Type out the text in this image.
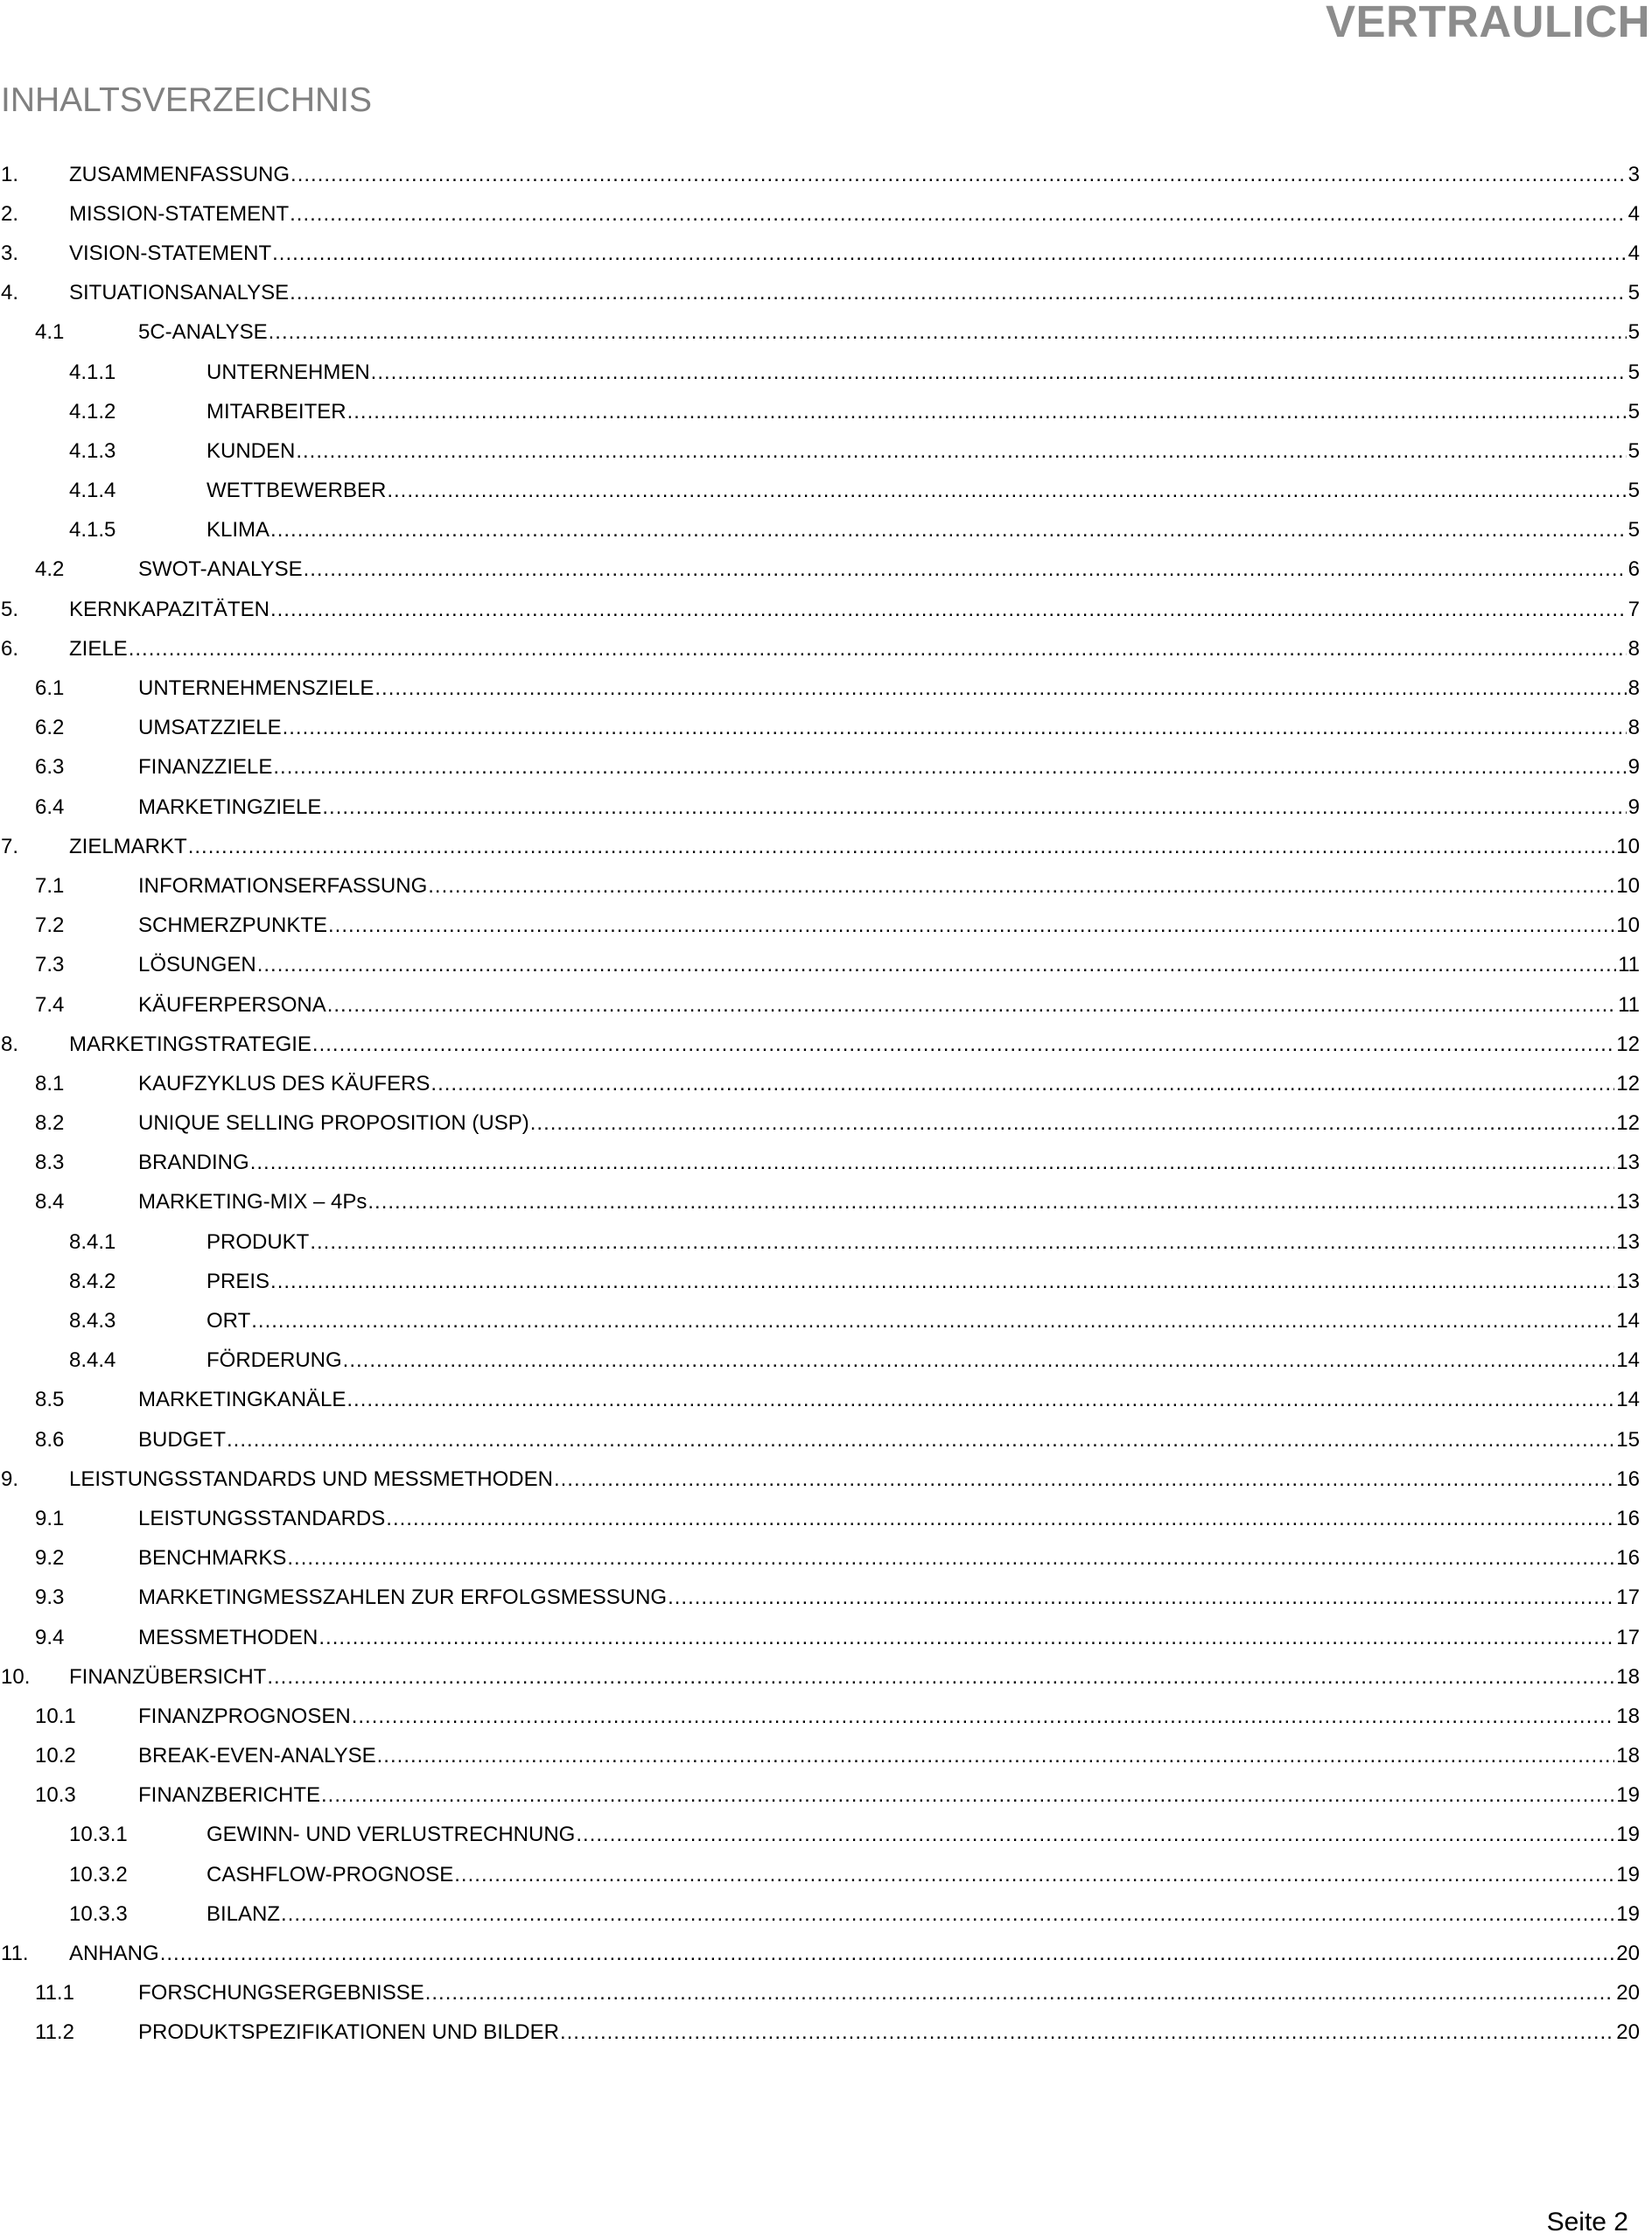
VERTRAULICH
INHALTSVERZEICHNIS
1. ZUSAMMENFASSUNG .....	3
2. MISSION-STATEMENT .....	4
3. VISION-STATEMENT .....	4
4. SITUATIONSANALYSE .....	5
4.1	5C-ANALYSE .....	5
4.1.1	UNTERNEHMEN .....	5
4.1.2	MITARBEITER .....	5
4.1.3	KUNDEN .....	5
4.1.4	WETTBEWERBER .....	5
4.1.5	KLIMA .....	5
4.2	SWOT-ANALYSE .....	6
5. KERNKAPAZITÄTEN .....	7
6. ZIELE .....	8
6.1	UNTERNEHMENSZIELE .....	8
6.2	UMSATZZIELE .....	8
6.3	FINANZZIELE .....	9
6.4	MARKETINGZIELE .....	9
7. ZIELMARKT .....	10
7.1	INFORMATIONSERFASSUNG .....	10
7.2	SCHMERZPUNKTE .....	10
7.3	LÖSUNGEN .....	11
7.4	KÄUFERPERSONA .....	11
8. MARKETINGSTRATEGIE .....	12
8.1	KAUFZYKLUS DES KÄUFERS .....	12
8.2	UNIQUE SELLING PROPOSITION (USP) .....	12
8.3	BRANDING .....	13
8.4	MARKETING-MIX – 4Ps .....	13
8.4.1	PRODUKT .....	13
8.4.2	PREIS .....	13
8.4.3	ORT .....	14
8.4.4	FÖRDERUNG .....	14
8.5	MARKETINGKANÄLE .....	14
8.6	BUDGET .....	15
9. LEISTUNGSSTANDARDS UND MESSMETHODEN .....	16
9.1	LEISTUNGSSTANDARDS .....	16
9.2	BENCHMARKS .....	16
9.3	MARKETINGMESSZAHLEN ZUR ERFOLGSMESSUNG .....	17
9.4	MESSMETHODEN .....	17
10. FINANZÜBERSICHT .....	18
10.1	FINANZPROGNOSEN .....	18
10.2	BREAK-EVEN-ANALYSE .....	18
10.3	FINANZBERICHTE .....	19
10.3.1	GEWINN- UND VERLUSTRECHNUNG .....	19
10.3.2	CASHFLOW-PROGNOSE .....	19
10.3.3	BILANZ .....	19
11. ANHANG .....	20
11.1	FORSCHUNGSERGEBNISSE .....	20
11.2	PRODUKTSPEZIFIKATIONEN UND BILDER .....	20
Seite 2
